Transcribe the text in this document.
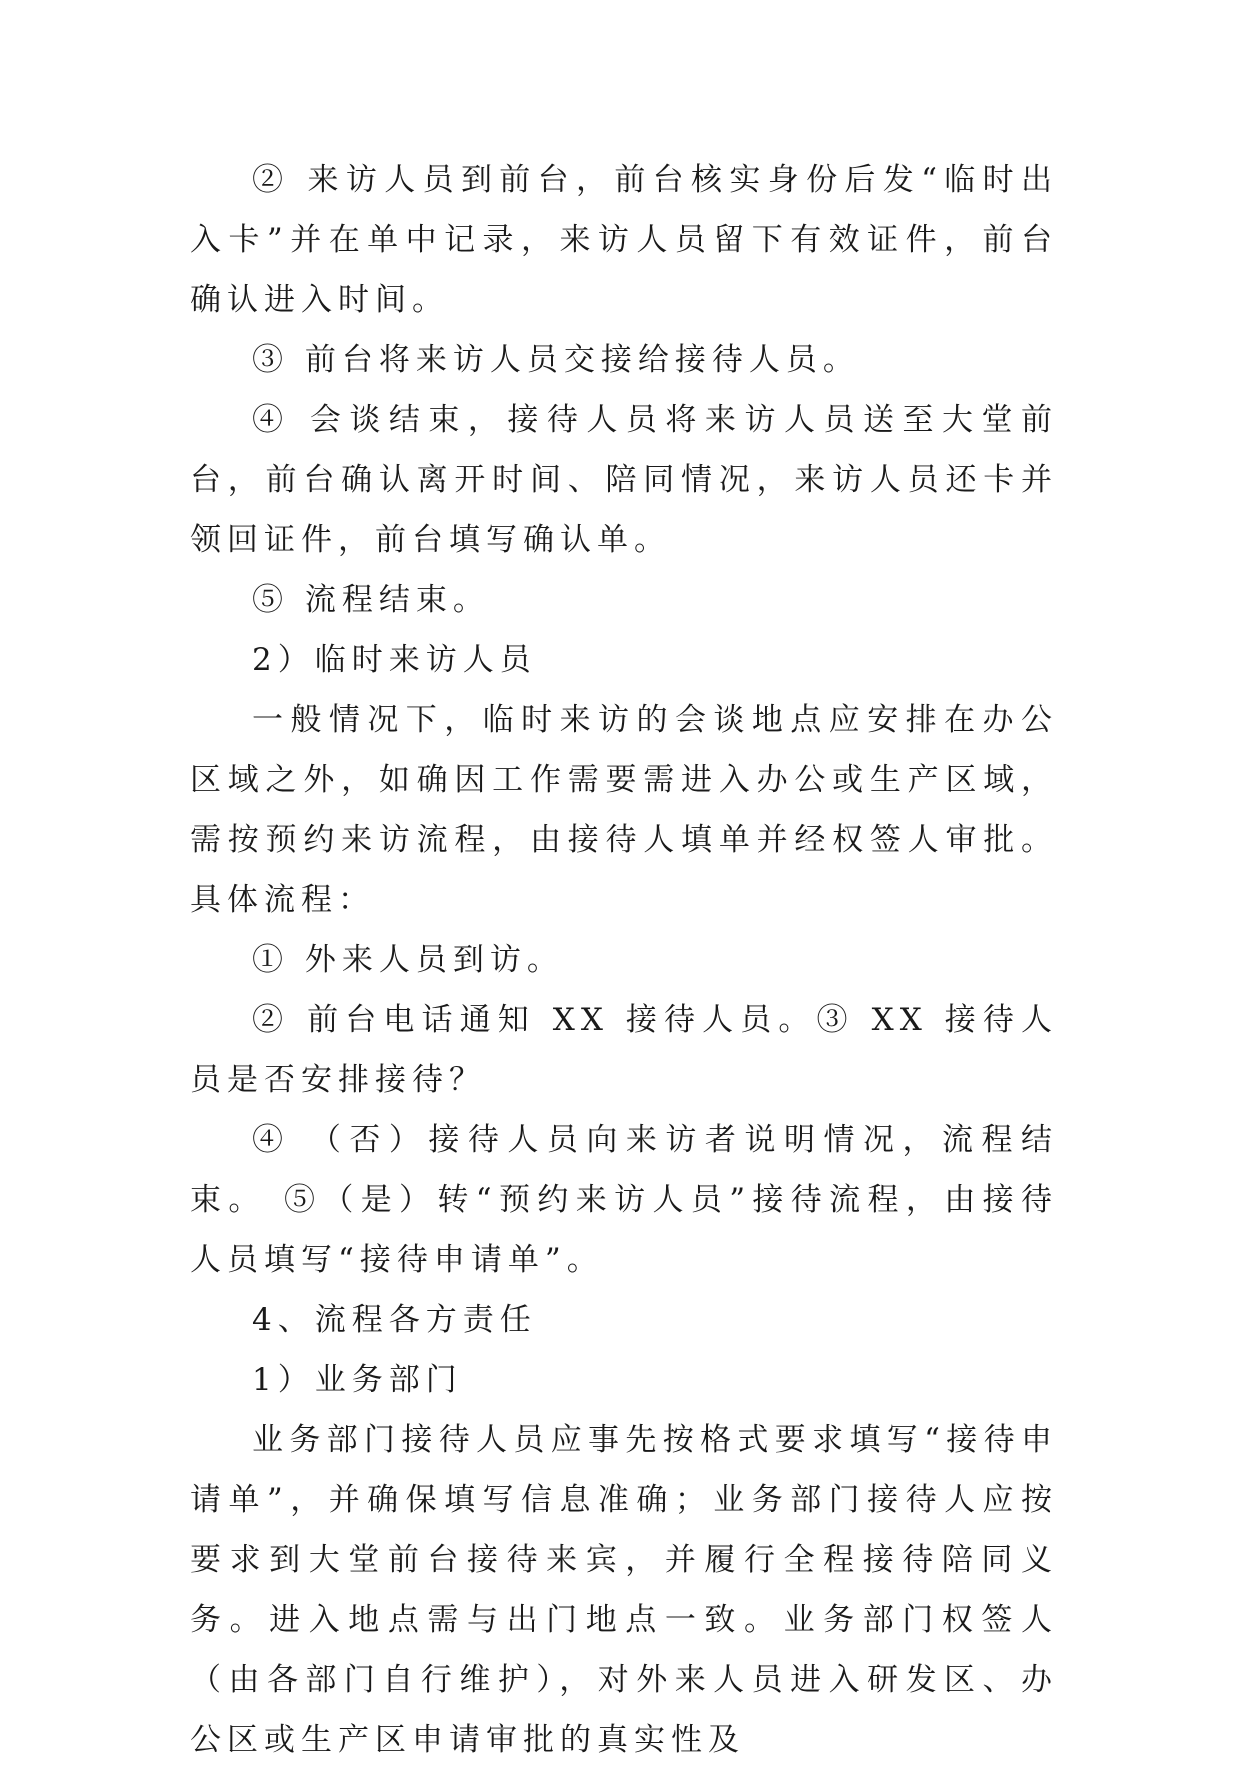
② 来访人员到前台，前台核实身份后发“临时出入卡”并在单中记录，来访人员留下有效证件，前台确认进入时间。

③ 前台将来访人员交接给接待人员。

④ 会谈结束，接待人员将来访人员送至大堂前台，前台确认离开时间、陪同情况，来访人员还卡并领回证件，前台填写确认单。

⑤ 流程结束。

2）临时来访人员

一般情况下，临时来访的会谈地点应安排在办公区域之外，如确因工作需要需进入办公或生产区域，需按预约来访流程，由接待人填单并经权签人审批。 具体流程：

① 外来人员到访。

② 前台电话通知 XX 接待人员。③ XX 接待人员是否安排接待？

④ （否）接待人员向来访者说明情况，流程结束。 ⑤（是）转“预约来访人员”接待流程，由接待人员填写“接待申请单”。

4、流程各方责任

1）业务部门

业务部门接待人员应事先按格式要求填写“接待申请单”，并确保填写信息准确；业务部门接待人应按要求到大堂前台接待来宾，并履行全程接待陪同义务。进入地点需与出门地点一致。业务部门权签人（由各部门自行维护），对外来人员进入研发区、办公区或生产区申请审批的真实性及
